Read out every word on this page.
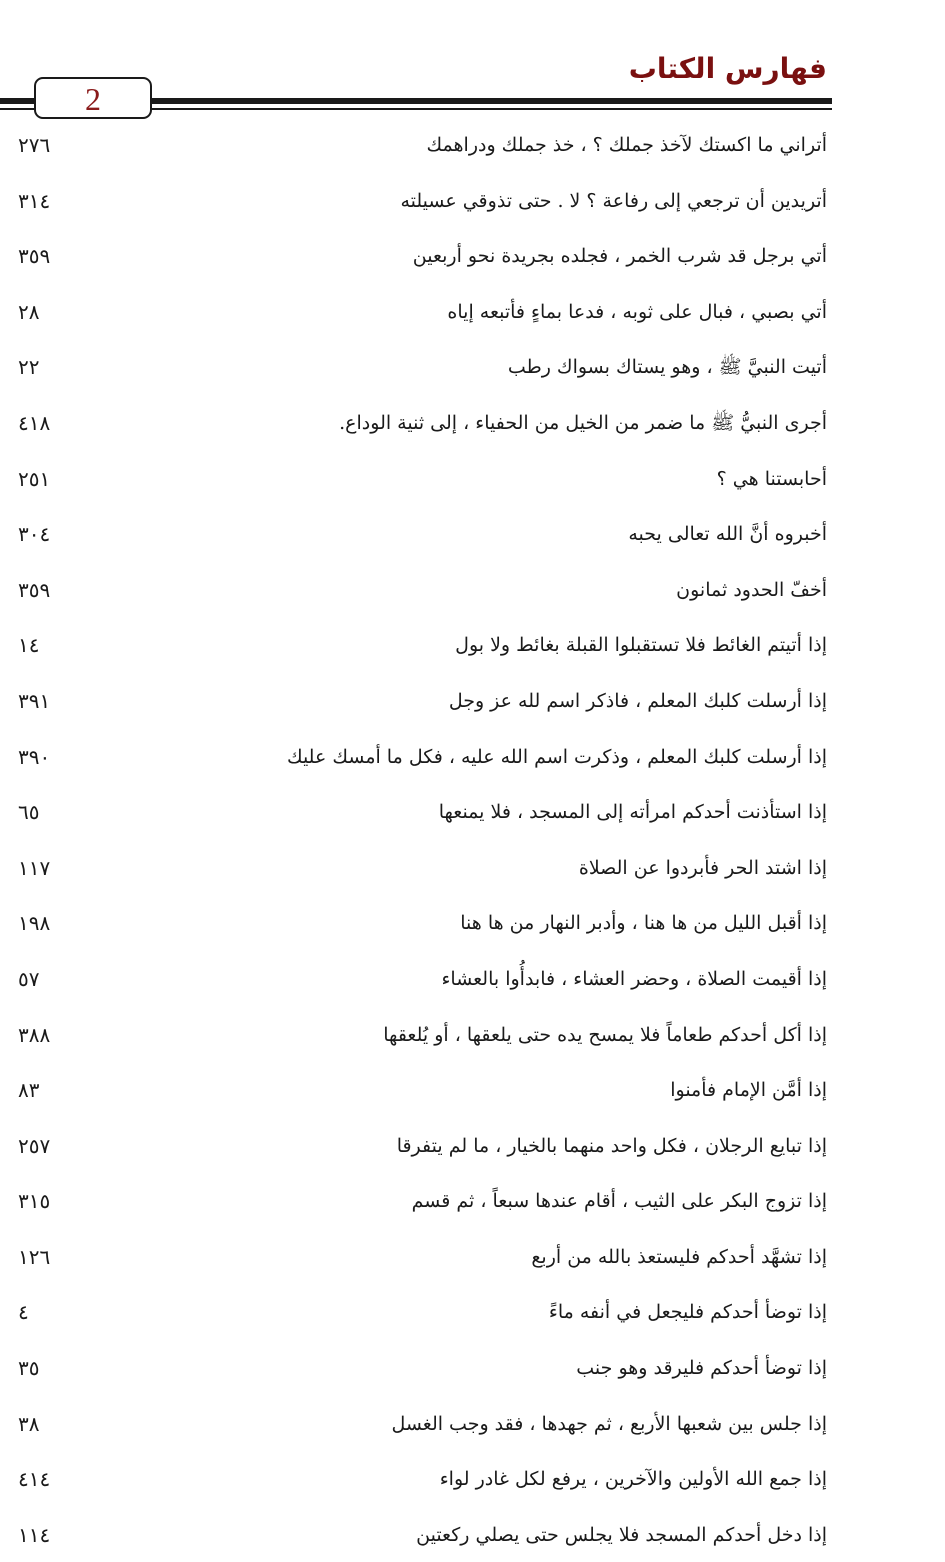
فهارس الكتاب
2
أتراني ما اكستك لآخذ جملك ؟ ، خذ جملك ودراهمك
٢٧٦
أتريدين أن ترجعي إلى رفاعة ؟ لا . حتى تذوقي عسيلته
٣١٤
أتي برجل قد شرب الخمر ، فجلده بجريدة نحو أربعين
٣٥٩
أتي بصبي ، فبال على ثوبه ، فدعا بماءٍ فأتبعه إياه
٢٨
أتيت النبيَّ ﷺ ، وهو يستاك بسواك رطب
٢٢
أجرى النبيُّ ﷺ ما ضمر من الخيل من الحفياء ، إلى ثنية الوداع.
٤١٨
أحابستنا هي ؟
٢٥١
أخبروه أنَّ الله تعالى يحبه
٣٠٤
أخفّ الحدود ثمانون
٣٥٩
إذا أتيتم الغائط فلا تستقبلوا القبلة بغائط ولا بول
١٤
إذا أرسلت كلبك المعلم ، فاذكر اسم لله عز وجل
٣٩١
إذا أرسلت كلبك المعلم ، وذكرت اسم الله عليه ، فكل ما أمسك عليك
٣٩٠
إذا استأذنت أحدكم امرأته إلى المسجد ، فلا يمنعها
٦٥
إذا اشتد الحر فأبردوا عن الصلاة
١١٧
إذا أقبل الليل من ها هنا ، وأدبر النهار من ها هنا
١٩٨
إذا أقيمت الصلاة ، وحضر العشاء ، فابدأُوا بالعشاء
٥٧
إذا أكل أحدكم طعاماً فلا يمسح يده حتى يلعقها ، أو يُلعقها
٣٨٨
إذا أمَّن الإمام فأمنوا
٨٣
إذا تبايع الرجلان ، فكل واحد منهما بالخيار ، ما لم يتفرقا
٢٥٧
إذا تزوج البكر على الثيب ، أقام عندها سبعاً ، ثم قسم
٣١٥
إذا تشهَّد أحدكم فليستعذ بالله من أربع
١٢٦
إذا توضأ أحدكم فليجعل في أنفه ماءً
٤
إذا توضأ أحدكم فليرقد وهو جنب
٣٥
إذا جلس بين شعبها الأربع ، ثم جهدها ، فقد وجب الغسل
٣٨
إذا جمع الله الأولين والآخرين ، يرفع لكل غادر لواء
٤١٤
إذا دخل أحدكم المسجد فلا يجلس حتى يصلي ركعتين
١١٤
